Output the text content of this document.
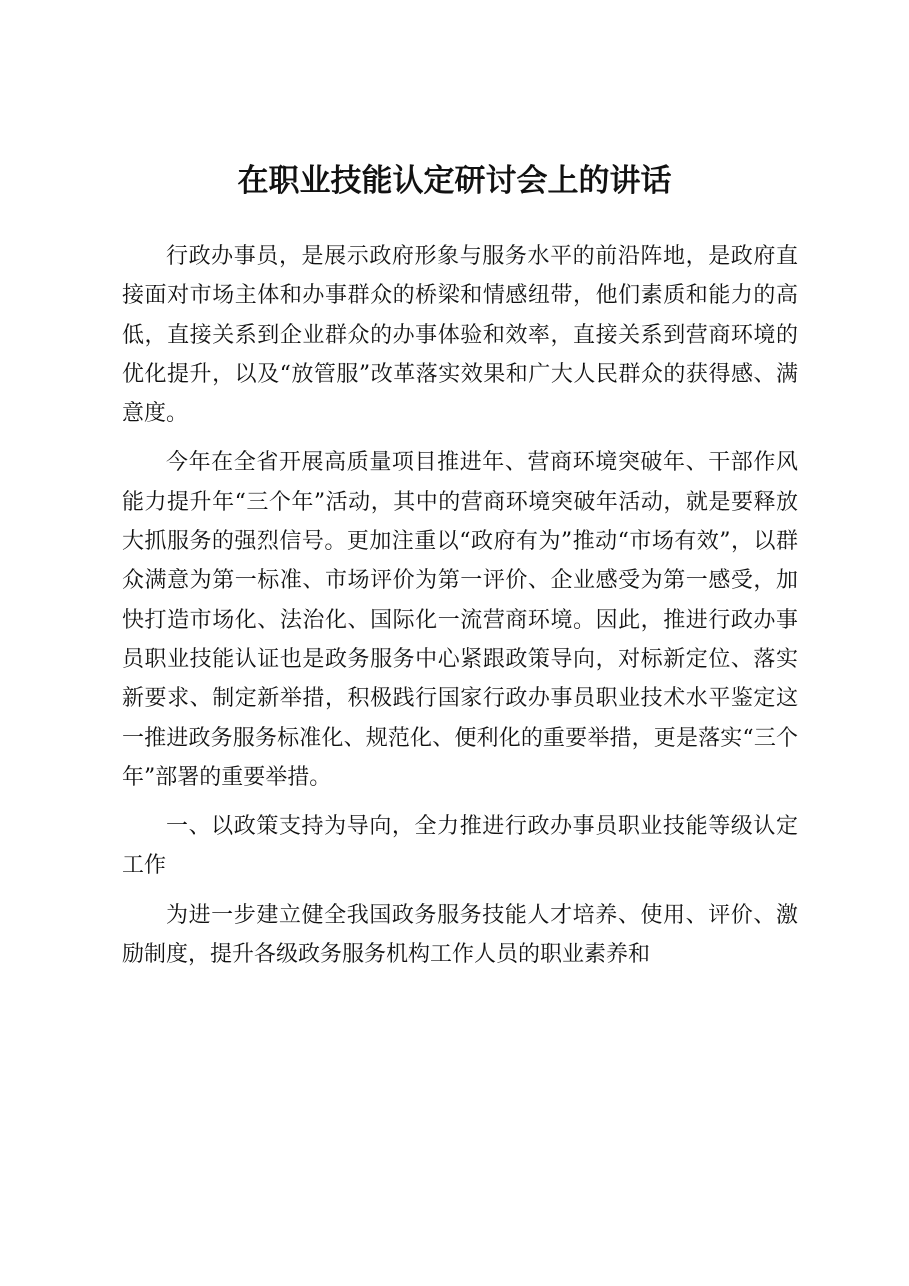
在职业技能认定研讨会上的讲话

行政办事员，是展示政府形象与服务水平的前沿阵地，是政府直接面对市场主体和办事群众的桥梁和情感纽带，他们素质和能力的高低，直接关系到企业群众的办事体验和效率，直接关系到营商环境的优化提升，以及“放管服”改革落实效果和广大人民群众的获得感、满意度。

今年在全省开展高质量项目推进年、营商环境突破年、干部作风能力提升年“三个年”活动，其中的营商环境突破年活动，就是要释放大抓服务的强烈信号。更加注重以“政府有为”推动“市场有效”，以群众满意为第一标准、市场评价为第一评价、企业感受为第一感受，加快打造市场化、法治化、国际化一流营商环境。因此，推进行政办事员职业技能认证也是政务服务中心紧跟政策导向，对标新定位、落实新要求、制定新举措，积极践行国家行政办事员职业技术水平鉴定这一推进政务服务标准化、规范化、便利化的重要举措，更是落实“三个年”部署的重要举措。

一、以政策支持为导向，全力推进行政办事员职业技能等级认定工作

为进一步建立健全我国政务服务技能人才培养、使用、评价、激励制度，提升各级政务服务机构工作人员的职业素养和
